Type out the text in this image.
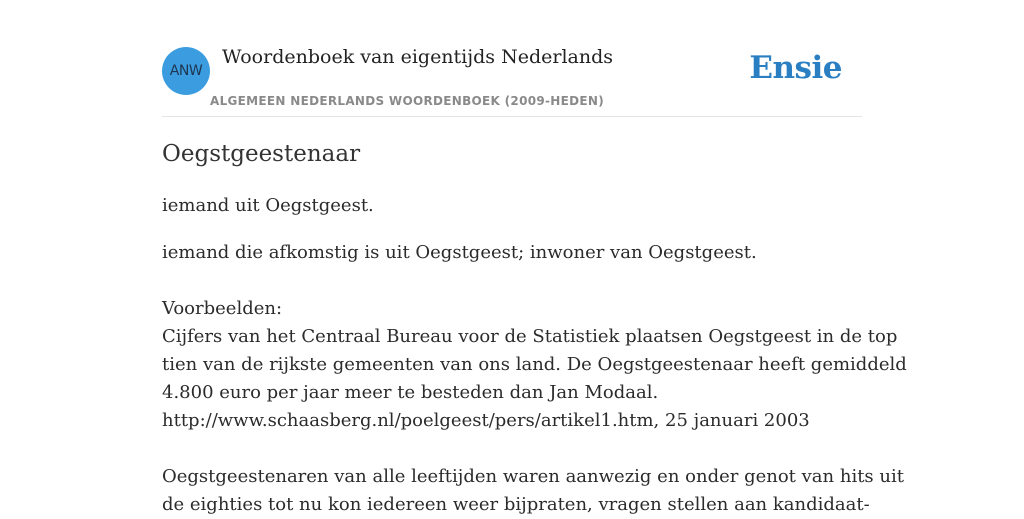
ANW
Woordenboek van eigentijds Nederlands
ALGEMEEN NEDERLANDS WOORDENBOEK (2009-HEDEN)
Ensie
Oegstgeestenaar
iemand uit Oegstgeest.
iemand die afkomstig is uit Oegstgeest; inwoner van Oegstgeest.
Voorbeelden:
Cijfers van het Centraal Bureau voor de Statistiek plaatsen Oegstgeest in de top
tien van de rijkste gemeenten van ons land. De Oegstgeestenaar heeft gemiddeld
4.800 euro per jaar meer te besteden dan Jan Modaal.
http://www.schaasberg.nl/poelgeest/pers/artikel1.htm, 25 januari 2003
Oegstgeestenaren van alle leeftijden waren aanwezig en onder genot van hits uit
de eighties tot nu kon iedereen weer bijpraten, vragen stellen aan kandidaat-
